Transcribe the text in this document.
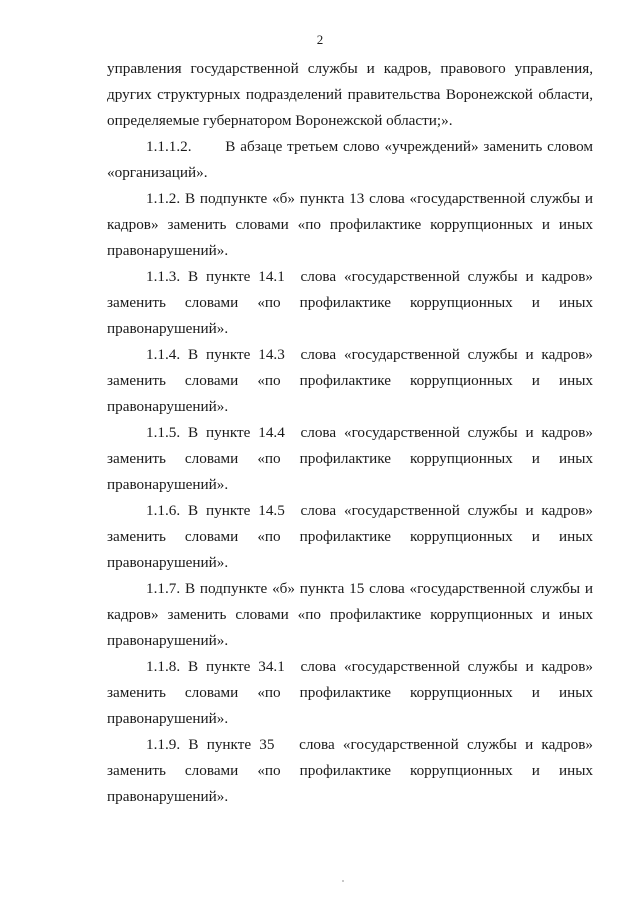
2

управления государственной службы и кадров, правового управления, других структурных подразделений правительства Воронежской области, определяемые губернатором Воронежской области;».

1.1.1.2.       В абзаце третьем слово «учреждений» заменить словом «организаций».

1.1.2. В подпункте «б» пункта 13 слова «государственной службы и кадров» заменить словами «по профилактике коррупционных и иных правонарушений».

1.1.3. В пункте 14.1  слова «государственной службы и кадров» заменить словами «по профилактике коррупционных и иных правонарушений».

1.1.4. В пункте 14.3  слова «государственной службы и кадров» заменить словами «по профилактике коррупционных и иных правонарушений».

1.1.5. В пункте 14.4  слова «государственной службы и кадров» заменить словами «по профилактике коррупционных и иных правонарушений».

1.1.6. В пункте 14.5  слова «государственной службы и кадров» заменить словами «по профилактике коррупционных и иных правонарушений».

1.1.7. В подпункте «б» пункта 15 слова «государственной службы и кадров» заменить словами «по профилактике коррупционных и иных правонарушений».

1.1.8. В пункте 34.1  слова «государственной службы и кадров» заменить словами «по профилактике коррупционных и иных правонарушений».

1.1.9. В пункте 35   слова «государственной службы и кадров» заменить словами «по профилактике коррупционных и иных правонарушений».
